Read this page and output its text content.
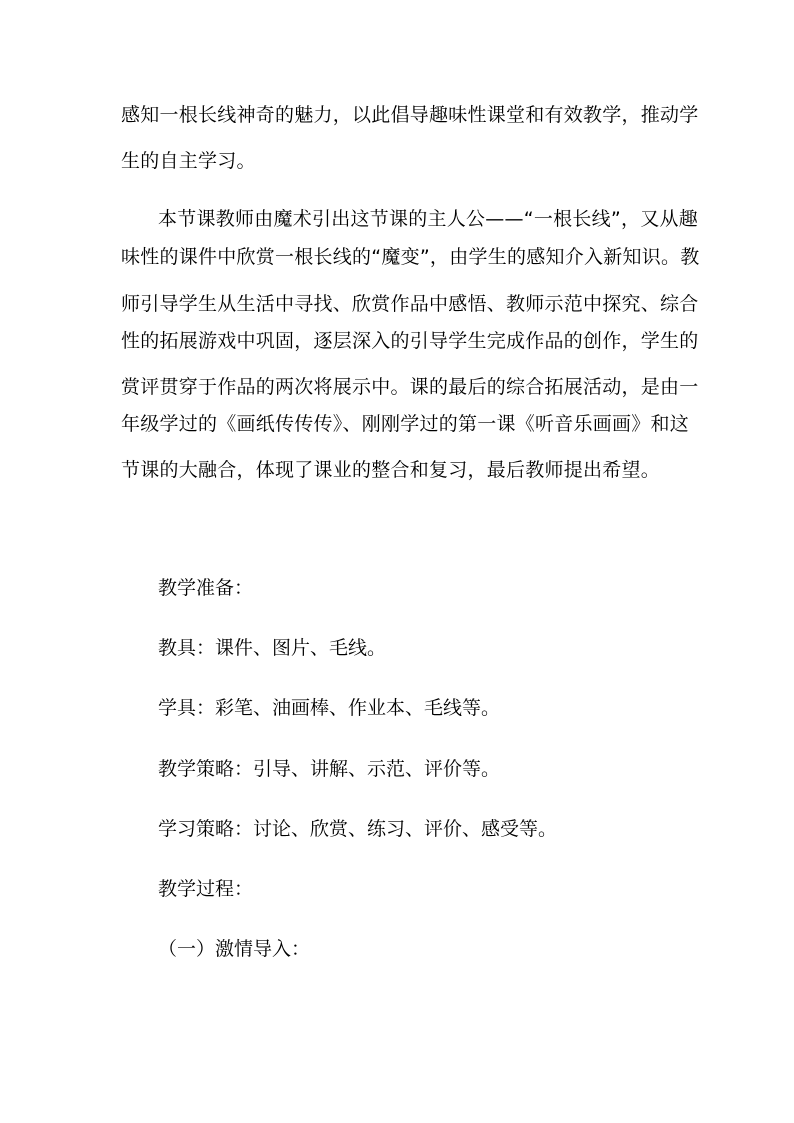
感知一根长线神奇的魅力，以此倡导趣味性课堂和有效教学，推动学
生的自主学习。
本节课教师由魔术引出这节课的主人公——“一根长线”，又从趣
味性的课件中欣赏一根长线的“魔变”，由学生的感知介入新知识。教
师引导学生从生活中寻找、欣赏作品中感悟、教师示范中探究、综合
性的拓展游戏中巩固，逐层深入的引导学生完成作品的创作，学生的
赏评贯穿于作品的两次将展示中。课的最后的综合拓展活动，是由一
年级学过的《画纸传传传》、刚刚学过的第一课《听音乐画画》和这
节课的大融合，体现了课业的整合和复习，最后教师提出希望。
教学准备：
教具：课件、图片、毛线。
学具：彩笔、油画棒、作业本、毛线等。
教学策略：引导、讲解、示范、评价等。
学习策略：讨论、欣赏、练习、评价、感受等。
教学过程：
（一）激情导入：
